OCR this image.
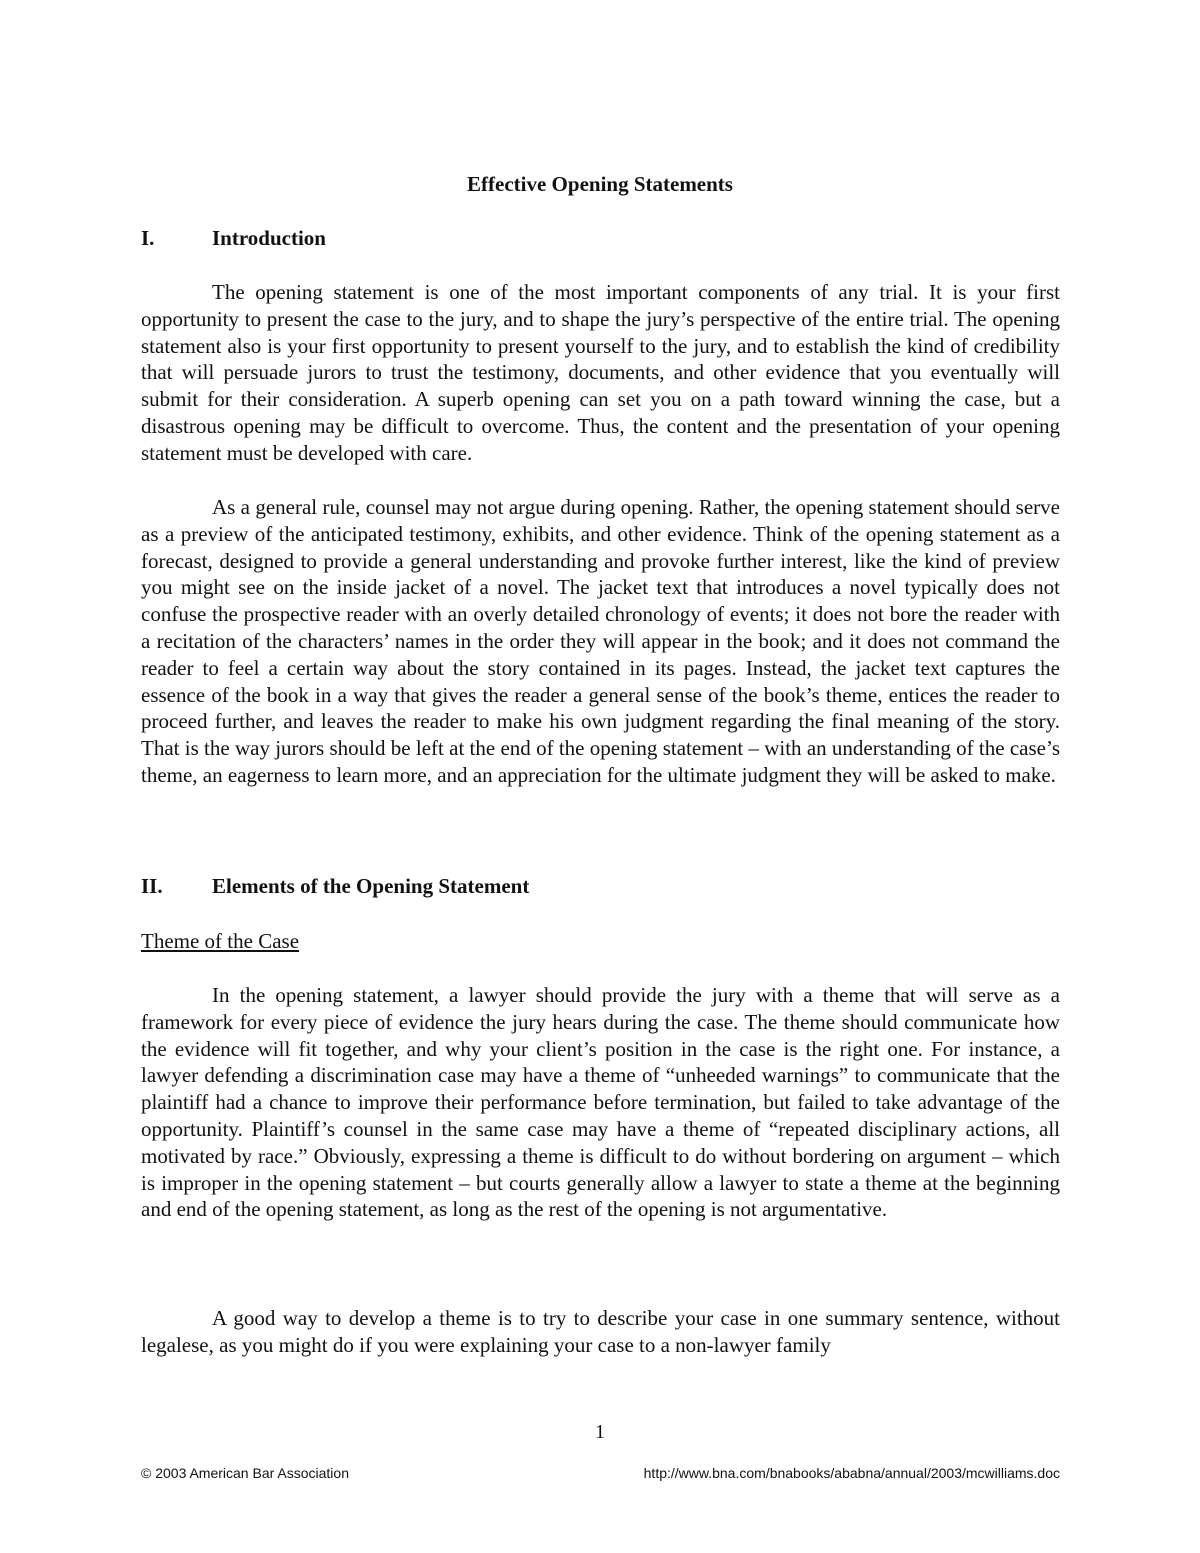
Effective Opening Statements
I.	Introduction

The opening statement is one of the most important components of any trial. It is your first opportunity to present the case to the jury, and to shape the jury’s perspective of the entire trial. The opening statement also is your first opportunity to present yourself to the jury, and to establish the kind of credibility that will persuade jurors to trust the testimony, documents, and other evidence that you eventually will submit for their consideration. A superb opening can set you on a path toward winning the case, but a disastrous opening may be difficult to overcome. Thus, the content and the presentation of your opening statement must be developed with care.

As a general rule, counsel may not argue during opening. Rather, the opening statement should serve as a preview of the anticipated testimony, exhibits, and other evidence. Think of the opening statement as a forecast, designed to provide a general understanding and provoke further interest, like the kind of preview you might see on the inside jacket of a novel. The jacket text that introduces a novel typically does not confuse the prospective reader with an overly detailed chronology of events; it does not bore the reader with a recitation of the characters’ names in the order they will appear in the book; and it does not command the reader to feel a certain way about the story contained in its pages. Instead, the jacket text captures the essence of the book in a way that gives the reader a general sense of the book’s theme, entices the reader to proceed further, and leaves the reader to make his own judgment regarding the final meaning of the story. That is the way jurors should be left at the end of the opening statement – with an understanding of the case’s theme, an eagerness to learn more, and an appreciation for the ultimate judgment they will be asked to make.

II. Elements of the Opening Statement
Theme of the Case

In the opening statement, a lawyer should provide the jury with a theme that will serve as a framework for every piece of evidence the jury hears during the case. The theme should communicate how the evidence will fit together, and why your client’s position in the case is the right one. For instance, a lawyer defending a discrimination case may have a theme of “unheeded warnings” to communicate that the plaintiff had a chance to improve their performance before termination, but failed to take advantage of the opportunity. Plaintiff’s counsel in the same case may have a theme of “repeated disciplinary actions, all motivated by race.” Obviously, expressing a theme is difficult to do without bordering on argument – which is improper in the opening statement – but courts generally allow a lawyer to state a theme at the beginning and end of the opening statement, as long as the rest of the opening is not argumentative.

A good way to develop a theme is to try to describe your case in one summary sentence, without legalese, as you might do if you were explaining your case to a non-lawyer family

1
© 2003 American Bar Association	http://www.bna.com/bnabooks/ababna/annual/2003/mcwilliams.doc
